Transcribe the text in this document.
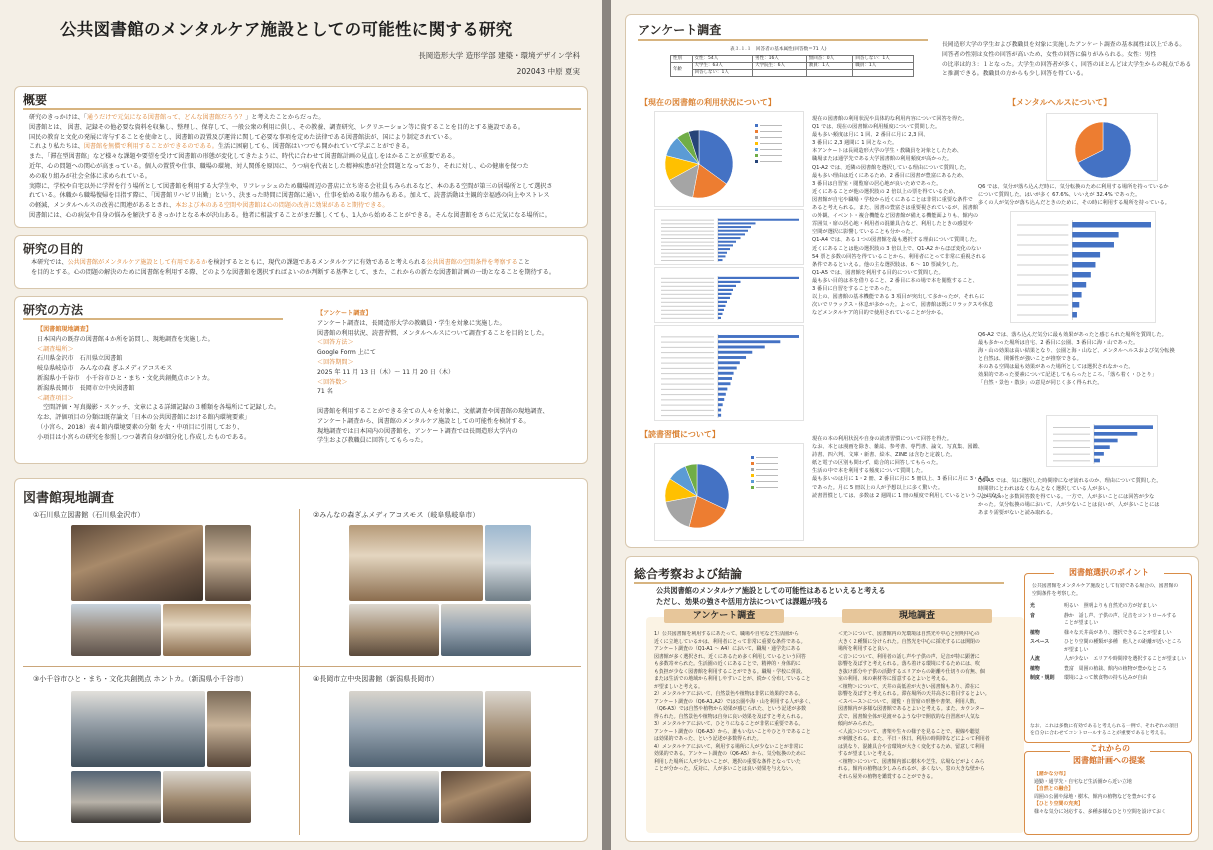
公共図書館のメンタルケア施設としての可能性に関する研究
長岡造形大学 造形学部 建築・環境デザイン学科
202043 中原 夏実
概要
研究のきっかけは、「通うだけで元気になる図書館って、どんな図書館だろう？」と考えたことからだった。
図書館とは、 図書、記録その他必要な資料を収集し、整理し、保存して、一般公衆の利用に供し、その教養、調査研究、レクリエーション等に資することを目的とする施設である。
国民の教育と文化の発展に寄与することを使命とし、図書館の設置及び運営に関して必要な事項を定めた法律である図書館法が、国により制定されている。
これより私たちは、図書館を無償で利用することができるのである。生活に困窮しても、図書館はいつでも開かれていて学ぶことができる。
また、「滞在型図書館」など様々な課題や要望を受けて図書館の形態が変化してきたように、時代に合わせて図書館計画の見直しをはかることが重要である。
近年、心の問題への関心が高まっている。個人の置賃や仕事、職場の環境、対人関係を原因に、うつ病を代表とした精神疾患が社会問題となっており、それに対し、心の健康を保つた
めの取り組みが社会全体に求められている。
実際に、学校や自宅以外に学習を行う場所として図書館を利用する大学生や、リフレッシュのため職場周辺の書店に立ち寄る会社員もみられるなど、本のある空間が第三の居場所として選択さ
れている。休職から職場復帰を目指す際に、「図書館リハビリ出勤」という、決まった時間に図書館に通い、仕事を始める取り組みもある。加えて、読書活動は主観的幸福感の向上やストレス
の軽減、メンタルヘルスの改善に関連があるとされ、本および本のある空間や図書館は心の問題の改善に効果があると期待できる。
図書館には、心の病気や自身の悩みを解決するきっかけとなる本が沢山ある。他者に相談することがまだ難しくても、1人から始めることができる。そんな図書館をさらに元気になる場所に。
研究の目的
本研究では、公共図書館がメンタルケア施設として有用であるかを検討するとともに、現代の課題であるメンタルケアに有効であると考えられる公共図書館の空間条件を考察すること
を目的とする。心の問題の解決のために図書館を利用する際、どのような図書館を選択すればよいのか判断する基準として、また、これからの新たな図書館計画の一助となることを期待する。
研究の方法
【図書館現地調査】
日本国内の既存の図書館４か所を訪問し、現地調査を実施した。
＜調査場所＞
石川県金沢市　石川県立図書館
岐阜県岐阜市　みんなの森 ぎふメディアコスモス
新潟県小千谷市　小千谷市ひと・まち・文化共創拠点ホントカ。
新潟県長岡市　長岡市立中央図書館
＜調査項目＞
　空間評価・写真撮影・スケッチ、文章による詳細記録の３種類を各場所にて記録した。
なお、評価項目の分類は既存論文「日本の公共図書館における館内環境要素」
（小宮ら、2018）表４館内環境要素の分類 を大・中項目に引用しており、
小項目は小宮らの研究を参照しつつ著者自身が細分化し作成したものである。
【アンケート調査】
アンケート調査は、長岡造形大学の教職員・学生を対象に実施した。
図書館の利用状況、読書習慣、メンタルヘルスについて調査することを目的とした。
＜回答方法＞
Google Form 上にて
＜回答期間＞
2025 年 11 月 13 日（木）～ 11 月 20 日（木）
＜回答数＞
71 名

図書館を利用することができる全ての人々を対象に、文献調査や図書館の現地調査、
アンケート調査から、図書館のメンタルケア施設としての可能性を検討する。
現地調査では日本国内の図書館を、アンケート調査では長岡造形大学内の
学生および教職員に回答してもらった。
図書館現地調査
①石川県立図書館（石川県金沢市）	②みんなの森ぎふメディアコスモス（岐阜県岐阜市）
③小千谷市ひと・まち・文化共創拠点 ホントカ。（新潟県小千谷市）	④長岡市立中央図書館（新潟県長岡市）
アンケート調査
表３.１.１　回答者の基本属性(回答数＝71 人)
性別	女性：54人	男性：16人	無回答：0人	回答しない：1人
年齢	大学生：63人	大学院生：6人	教員：1人	職員：1人
	回答しない：1人			
長岡造形大学の学生および教職員を対象に実施したアンケート調査の基本属性は以上である。
回答者の性別は女性の回答が高いため、女性の回答に偏りがみられる。女性：男性
の比率は約３：１となった。大学生の回答者が多く、回答のほとんどは大学生からの視点である
と推測できる。教職員の方からも少し回答を得ている。
【現在の図書館の利用状況について】	【メンタルヘルスについて】
現在の図書館の利用状況や具体的な利用内容について回答を得た。
Q1 では、現在の図書館の利用頻度について質問した。
最も多い頻度は月に 1 回、2 番目に月に 2,3 回、
3 番目に 2,3 週間に 1 回となった。
本アンケートは長岡造形大学の学生・教職員を対象としたため、
職場または通学先である大学図書館の利用頻度が高かった。
Q1-A2 では、近隣の図書館を選択している理由について質問した。
最も多い理由は近くにあるため、2 番目に図書が豊富にあるため、
3 番目は自習室・閲覧席の居心地が良いためであった。
近くにあることが他の選択肢の 2 倍以上の票を得ているため、
図書館が自宅や職場・学校から近くにあることは非常に重要な条件で
あると考えられる。また、図書の豊富さは重要視されているが、図書館
の外観、イベント・複合機能など図書館が備える機能面よりも、館内の
雰囲気・席の居心地・利用者の混雑具合など、利用したときの感覚や
空間が選択に影響していることも分かった。
Q1-A4 では、ある１つの図書館を最も選択する理由について質問した。
近くにあることは他の選択肢の 3 倍以上で、Q1-A2 からほぼ変化のない
54 票と多数の回答を得ていることから、利用者にとって非常に重視される
条件であるといえる。他の主な選択肢は、6 ～ 10 票減少した。
Q1-A5 では、図書館を利用する目的について質問した。
最も多い目的は本を借りること、2 番目に本の場で本を閲覧すること、
3 番目に自習をすることであった。
以上の、図書館の基本機能である 3 項目が突出して多かったが、それらに
次いでリラックス・休息が多かった。よって、図書館は既にリラックスや休息
などメンタルケア的目的で使用されていることが分かる。
Q6 では、気分が落ち込んだ時に、気分転換のために利用する場所を持っているか
について質問した。はいが多く 67.6%、いいえが 32.4% であった。
多くの人が気分が落ち込んだときのために、その時に利用する場所を持っている。
Q6-A2 では、落ち込んだ気分に最も効果があったと感じられた場所を質問した。
最も多かった場所は自宅、2 番目に公園、3 番目に海・山であった。
海・山の効果は高い結果となり、公園と海・山など、メンタルヘルスおよび気分転換
と自然は、関係性が強いことが推察できる。
本のある空間は最も効果があった場所としては選択されなかった。
効果的であった要素について記述してもらったところ、「落ち着く・ひとり」
「自然・景色・散歩」の意見が同じく多く得られた。
Q6-A5 では、気に選択した時間帯になぜ訪れるのか、理由について質問した。
時間帯にとわれはなくなんとなく選択している人が多い。
人が少ないと多数回答数を得ている。一方で、人が多いことには回答が少な
かった。気分転換の場において、人が少ないことは良いが、人が多いことには
あまり需要がないと読み取れる。
【読書習慣について】	現在の本の利用状況や自身の読書習慣について回答を得た。
なお、本とは漫画を除き、雑誌、参考書、専門書、論文、写真集、図鑑、
詩書、四六判、文庫・新書、絵本、ZINE は含むと定義した。
紙と電子の区別も問わず、総合的に回答してもらった。
生活の中で本を利用する頻度について質問した。
最も多いのは月に 1・2 冊、2 番目に月に 5 冊以上、3 番目に月に 3・4 冊
であった。月に 5 冊以上の人が予想以上に多く驚いた。
読書習慣としては、多数は 2 週間に 1 冊の頻度で利用しているということになる。
総合考察および結論
公共図書館のメンタルケア施設としての可能性はあるといえると考える
ただし、効果の強さや活用方法については課題が残る
アンケート調査	現地調査
1）公共図書館を利用するにあたって、職場や自宅など生活圏から
近くに立地しているかは、利用者にとって非常に重要な条件である。
アンケート調査の（Q1-A1 ～ A4）において、職場・通学先にある
図書館が多く選択され、近くにあるため多く利用しているという回答
も多数寄せられた。生活圏の近くにあることで、精神的・身体的に
も負担が少なく図書館を利用することができる。職場・学校に併設、
または生活での地域から利用しやすいことが、続かく分布していること
が望ましいと考える。
2）メンタルケアにおいて、自然景色や植物は非常に効果的である。
アンケート調査の（Q6-A1,A2）では公園や海・山を利用する人が多く、
（Q6-A3）では自然や植物から効果が感じられた、という記述が多数
得られた。自然景色や植物は自身に良い効果を及ぼすと考えられる。
3）メンタルケアにおいて、ひとりになることが非常に重要である。
アンケート調査の（Q6-A3）から、誰もいないことやひとりであること
は効果的であった、という記述が多数得られた。
4）メンタルケアにおいて、利用する場所に人が少ないことが非常に
効果的である。アンケート調査の（Q6-A5）から、気分転換のために
利用した場所に人が少ないことが、選択の重要な条件となっていた
ことが分かった。反対に、人が多いことは良い効果を与えない。
＜光＞について、図書館内の光環境は自然光や中心と照明中心の
大きく２種類に分けられた。自然光を中心に採光するには開閉の
場所を利用すると良い。
＜音＞について、利用者の話し声や子供の声、足音が特に顕著に
影響を及ぼすと考えられる。落ち着ける環境にするためには、吹
き抜け部分や子供の活動するエリアからの距離や仕切りの有無、個
室の利用、床の素材等に留意するとよいと考える。
＜植物＞について、天井の高低差が大きい図書館もあり、滞在に
影響を及ぼすと考えられる。滞在場所の天井高さに着目するとよい。
＜スペース＞について、閲覧・自習席の形態や書架、利用人数、
図書館内が多様な図書館であるとよいと考える。また、カウンター
式で、図書館全体が見渡せるような中で開放的な自習席が人気な
傾向がみられた。
＜人流＞について、書架や生々の様子を見ることで、視線や聴覚
が刺激される。また、平日・休日、利用の時間帯などによって利用者
は異なり、混雑具合や音環境が大きく変化するため、留意して利用
するが望ましいと考える。
＜植物＞について、図書館内部に樹木や芝生、広場などがよくみら
れる。館内の植物は少しみられるが、多くない。窓の大きな壁から
それら屋外の植物を鑑賞することができる。
図書館選択のポイント
公共図書館をメンタルケア施設として有効である場合の、図書館の
空間条件を考察した。
光	明るい　照明よりも自然光の方が好ましい
音	静か　話し声、子供の声、足音をコントロールする
ことが望ましい
植物	様々な天井高があり、選択できることが望ましい
スペース	ひとり空間の種類が多種　他人との距離が近いところ
が望ましい
人流	人が少ない　エリアや時間帯を選択することが望ましい
植物	豊富　周囲の植栽、館内の植物が豊かなところ
制度・規則	環境によって飲食物の持ち込みが自由
なお、これは多数に有効であると考えられる一例で、それぞれの項目
を自分に合わせてコントロールすることが重要であると考える。
これからの
図書館計画への提案
【諸かな分布】
通勤・通学先・自宅など生活圏から近い立地
【自然との融合】
周囲の公園や緑地・樹木、館内の植物などを豊かにする
【ひとり空間の充実】
様々な気分に対応する、多種多様なひとり空間を設けておく
